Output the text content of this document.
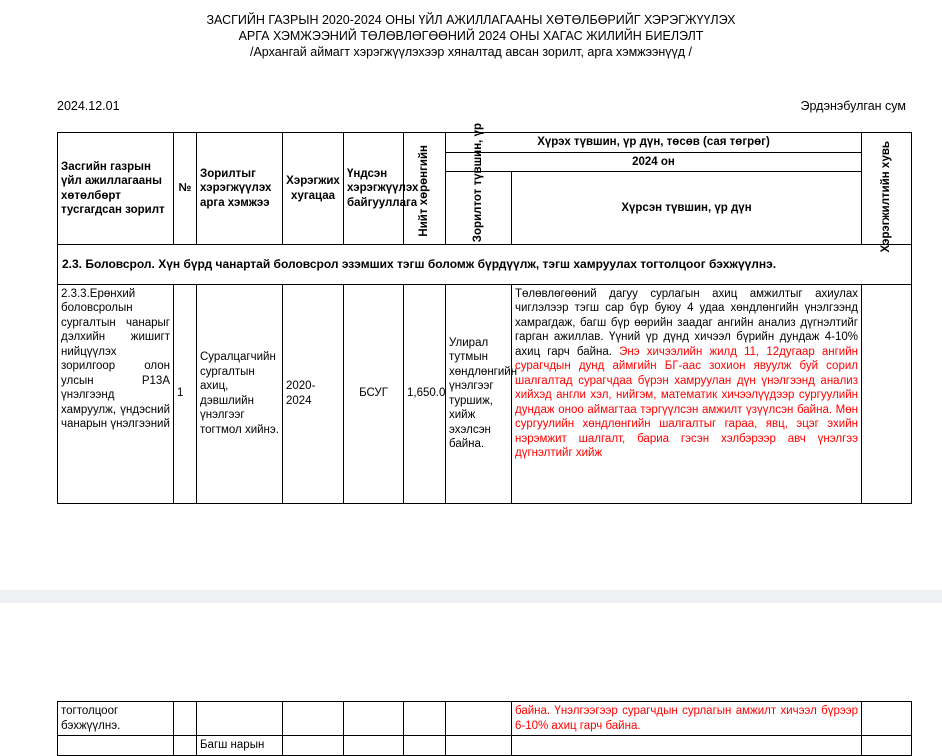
ЗАСГИЙН ГАЗРЫН 2020-2024 ОНЫ ҮЙЛ АЖИЛЛАГААНЫ ХӨТӨЛБӨРИЙГ ХЭРЭГЖҮҮЛЭХ
АРГА ХЭМЖЭЭНИЙ ТӨЛӨВЛӨГӨӨНИЙ 2024 ОНЫ ХАГАС ЖИЛИЙН БИЕЛЭЛТ
/Архангай аймагт хэрэгжүүлэхээр хяналтад авсан зорилт, арга хэмжээнүүд /
2024.12.01	Эрдэнэбулган сум
Засгийн газрын үйл ажиллагааны хөтөлбөрт тусгагдсан зорилт	№	Зорилтыг хэрэгжүүлэх арга хэмжээ	Хэрэгжих хугацаа	Үндсэн хэрэгжүүлэх байгууллага	Нийт хөрөнгийн	Хүрэх түвшин, үр дүн, төсөв (сая төгрөг)		Хэрэгжилтийн хувь

						2024 он		

						Зорилтот түвшин, үр	Хүрсэн түвшин, үр дүн	
2.3. Боловсрол. Хүн бүрд чанартай боловсрол эзэмших тэгш боломж бүрдүүлж, тэгш хамруулах тогтолцоог бэхжүүлнэ.								

2.3.3.Ерөнхий боловсролын сургалтын чанарыг дэлхийн жишигт нийцүүлэх зорилгоор олон улсын P13A үнэлгээнд хамруулж, үндэсний чанарын үнэлгээний	1	Суралцагчийн сургалтын ахиц, дэвшлийн үнэлгээг тогтмол хийнэ.	2020-2024	БСУГ	1,650.0	Улирал тутмын хөндлөнгийн үнэлгээг туршиж, хийж эхэлсэн байна.	Төлөвлөгөөний дагуу сурлагын ахиц амжилтыг ахиулах чиглэлээр тэгш сар бүр буюу 4 удаа хөндлөнгийн үнэлгээнд хамрагдаж, багш бүр өөрийн заадаг ангийн анализ дүгнэлтийг гарган ажиллав. Үүний үр дүнд хичээл бүрийн дундаж 4-10% ахиц гарч байна. Энэ хичээлийн жилд 11, 12дугаар ангийн сурагчдын дунд аймгийн БГ-аас зохион явуулж буй сорил шалгалтад сурагчдаа бүрэн хамруулан дүн үнэлгээнд анализ хийхэд англи хэл, нийгэм, математик хичээлүүдээр сургуулийн дундаж оноо аймагтаа тэргүүлсэн амжилт үзүүлсэн байна. Мөн сургуулийн хөндлөнгийн шалгалтыг гараа, явц, эцэг эхийн нэрэмжит шалгалт, бариа гэсэн хэлбэрээр авч үнэлгээ дүгнэлтийг хийж	

тогтолцоог бэхжүүлнэ.							байна. Үнэлгээгээр сурагчдын сурлагын амжилт хичээл бүрээр 6-10% ахиц гарч байна.	
		Багш нарын						
